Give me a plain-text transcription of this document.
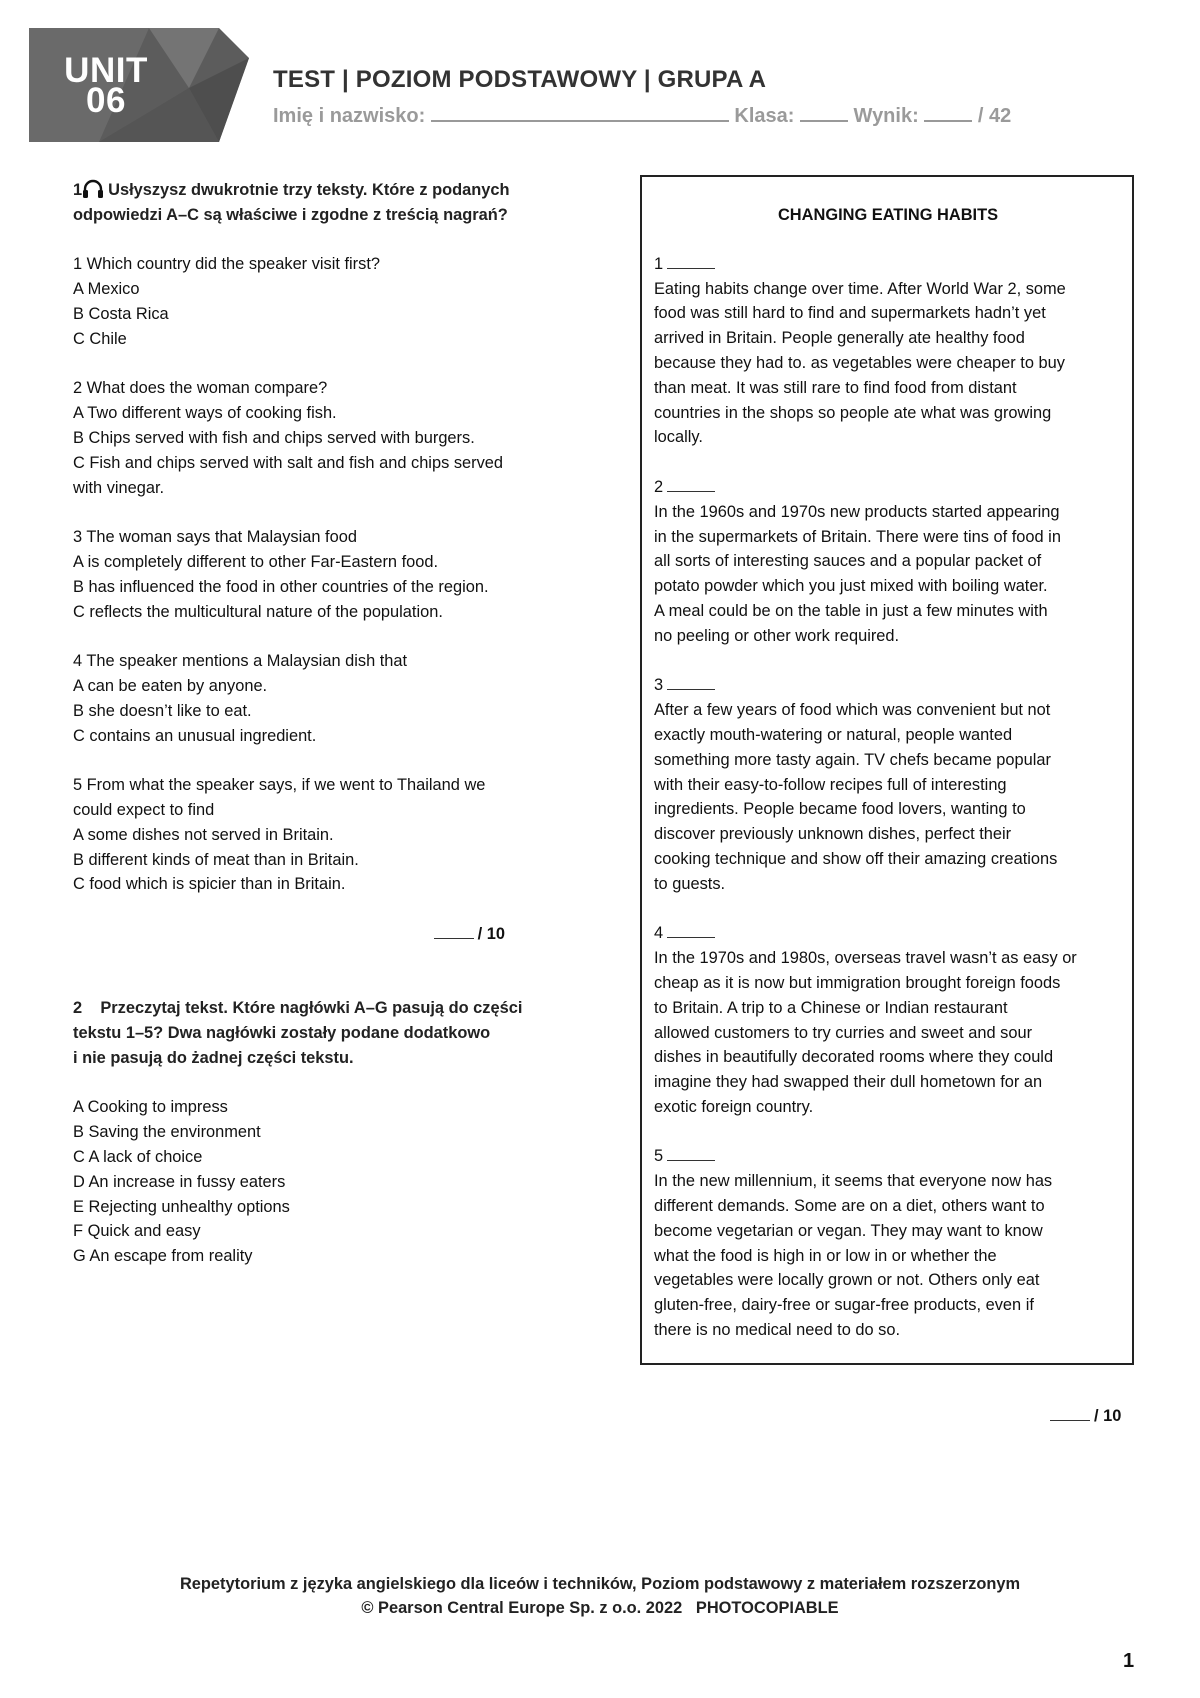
UNIT
06
TEST | POZIOM PODSTAWOWY | GRUPA A
Imię i nazwisko:	Klasa:	Wynik:	/ 42
1 Usłyszysz dwukrotnie trzy teksty. Które z podanych
odpowiedzi A–C są właściwe i zgodne z treścią nagrań?
1 Which country did the speaker visit first?
A Mexico
B Costa Rica
C Chile
2 What does the woman compare?
A Two different ways of cooking fish.
B Chips served with fish and chips served with burgers.
C Fish and chips served with salt and fish and chips served
with vinegar.
3 The woman says that Malaysian food
A is completely different to other Far-Eastern food.
B has influenced the food in other countries of the region.
C reflects the multicultural nature of the population.
4 The speaker mentions a Malaysian dish that
A can be eaten by anyone.
B she doesn’t like to eat.
C contains an unusual ingredient.
5 From what the speaker says, if we went to Thailand we
could expect to find
A some dishes not served in Britain.
B different kinds of meat than in Britain.
C food which is spicier than in Britain.
/ 10
2 Przeczytaj tekst. Które nagłówki A–G pasują do części
tekstu 1–5? Dwa nagłówki zostały podane dodatkowo
i nie pasują do żadnej części tekstu.
A Cooking to impress
B Saving the environment
C A lack of choice
D An increase in fussy eaters
E Rejecting unhealthy options
F Quick and easy
G An escape from reality
CHANGING EATING HABITS
1
Eating habits change over time. After World War 2, some
food was still hard to find and supermarkets hadn’t yet
arrived in Britain. People generally ate healthy food
because they had to. as vegetables were cheaper to buy
than meat. It was still rare to find food from distant
countries in the shops so people ate what was growing
locally.
2
In the 1960s and 1970s new products started appearing
in the supermarkets of Britain. There were tins of food in
all sorts of interesting sauces and a popular packet of
potato powder which you just mixed with boiling water.
A meal could be on the table in just a few minutes with
no peeling or other work required.
3
After a few years of food which was convenient but not
exactly mouth-watering or natural, people wanted
something more tasty again. TV chefs became popular
with their easy-to-follow recipes full of interesting
ingredients. People became food lovers, wanting to
discover previously unknown dishes, perfect their
cooking technique and show off their amazing creations
to guests.
4
In the 1970s and 1980s, overseas travel wasn’t as easy or
cheap as it is now but immigration brought foreign foods
to Britain. A trip to a Chinese or Indian restaurant
allowed customers to try curries and sweet and sour
dishes in beautifully decorated rooms where they could
imagine they had swapped their dull hometown for an
exotic foreign country.
5
In the new millennium, it seems that everyone now has
different demands. Some are on a diet, others want to
become vegetarian or vegan. They may want to know
what the food is high in or low in or whether the
vegetables were locally grown or not. Others only eat
gluten-free, dairy-free or sugar-free products, even if
there is no medical need to do so.
/ 10
Repetytorium z języka angielskiego dla liceów i techników, Poziom podstawowy z materiałem rozszerzonym
© Pearson Central Europe Sp. z o.o. 2022   PHOTOCOPIABLE
1
